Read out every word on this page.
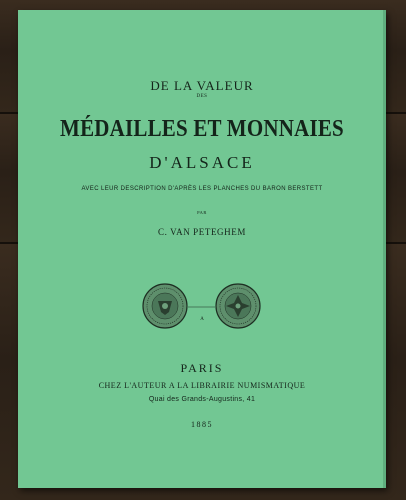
DE LA VALEUR
DES
MÉDAILLES ET MONNAIES
D'ALSACE
AVEC LEUR DESCRIPTION D'APRÈS LES PLANCHES DU BARON BERSTETT
PAR
C. VAN PETEGHEM
A
PARIS
CHEZ L'AUTEUR A LA LIBRAIRIE NUMISMATIQUE
Quai des Grands-Augustins, 41
1885
